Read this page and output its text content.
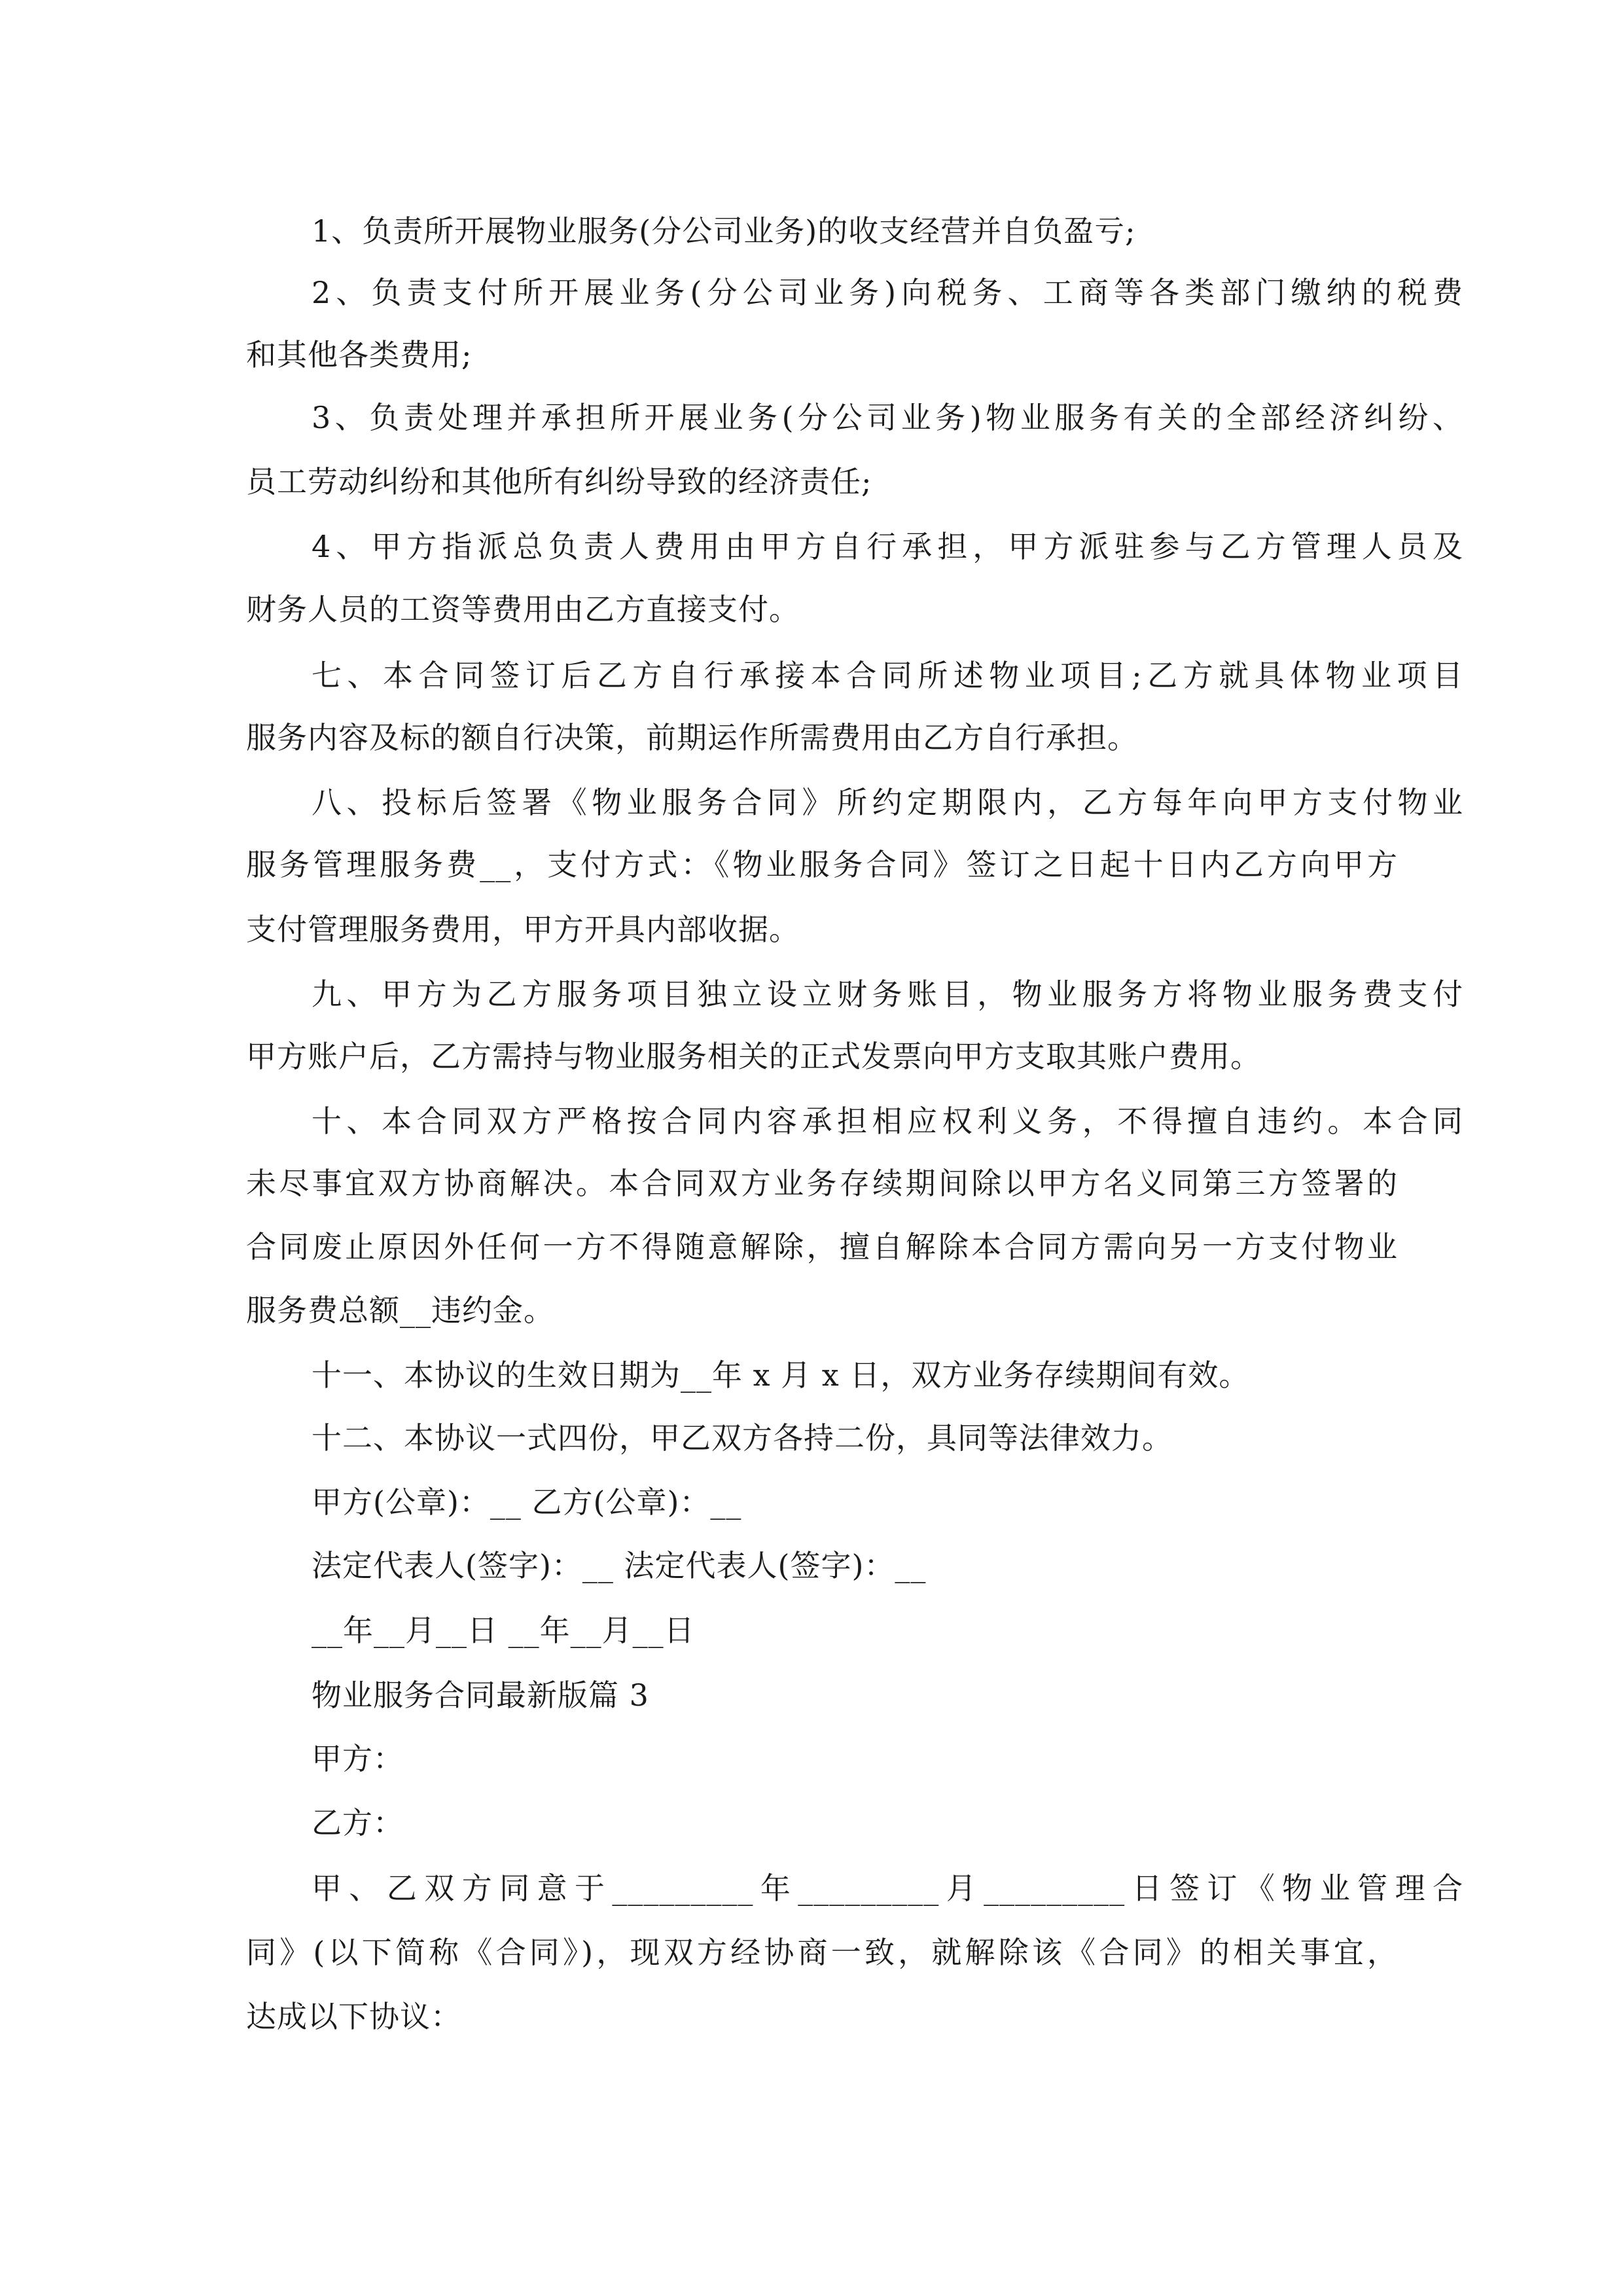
1、负责所开展物业服务(分公司业务)的收支经营并自负盈亏;
2、负责支付所开展业务(分公司业务)向税务、工商等各类部门缴纳的税费
和其他各类费用;
3、负责处理并承担所开展业务(分公司业务)物业服务有关的全部经济纠纷、
员工劳动纠纷和其他所有纠纷导致的经济责任;
4、甲方指派总负责人费用由甲方自行承担，甲方派驻参与乙方管理人员及
财务人员的工资等费用由乙方直接支付。
七、本合同签订后乙方自行承接本合同所述物业项目;乙方就具体物业项目
服务内容及标的额自行决策，前期运作所需费用由乙方自行承担。
八、投标后签署《物业服务合同》所约定期限内，乙方每年向甲方支付物业
服务管理服务费__，支付方式：《物业服务合同》签订之日起十日内乙方向甲方
支付管理服务费用，甲方开具内部收据。
九、甲方为乙方服务项目独立设立财务账目，物业服务方将物业服务费支付
甲方账户后，乙方需持与物业服务相关的正式发票向甲方支取其账户费用。
十、本合同双方严格按合同内容承担相应权利义务，不得擅自违约。本合同
未尽事宜双方协商解决。本合同双方业务存续期间除以甲方名义同第三方签署的
合同废止原因外任何一方不得随意解除，擅自解除本合同方需向另一方支付物业
服务费总额__违约金。
十一、本协议的生效日期为__年 x 月 x 日，双方业务存续期间有效。
十二、本协议一式四份，甲乙双方各持二份，具同等法律效力。
甲方(公章)：__ 乙方(公章)：__
法定代表人(签字)：__ 法定代表人(签字)：__
__年__月__日 __年__月__日
物业服务合同最新版篇 3
甲方：
乙方：
甲、乙双方同意于_________年_________月_________日签订《物业管理合
同》(以下简称《合同》)，现双方经协商一致，就解除该《合同》的相关事宜，
达成以下协议：
